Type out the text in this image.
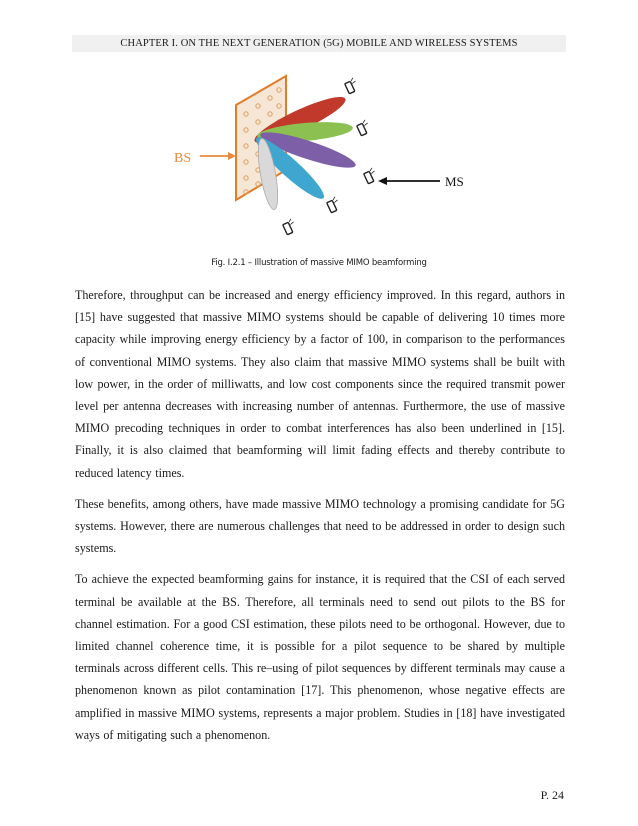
CHAPTER I. ON THE NEXT GENERATION (5G) MOBILE AND WIRELESS SYSTEMS
BS
MS
Fig. I.2.1 – Illustration of massive MIMO beamforming

Therefore, throughput can be increased and energy efficiency improved. In this regard, authors in [15] have suggested that massive MIMO systems should be capable of delivering 10 times more capacity while improving energy efficiency by a factor of 100, in comparison to the performances of conventional MIMO systems. They also claim that massive MIMO systems shall be built with low power, in the order of milliwatts, and low cost components since the required transmit power level per antenna decreases with increasing number of antennas. Furthermore, the use of massive MIMO precoding techniques in order to combat interferences has also been underlined in [15]. Finally, it is also claimed that beamforming will limit fading effects and thereby contribute to reduced latency times.

These benefits, among others, have made massive MIMO technology a promising candidate for 5G systems. However, there are numerous challenges that need to be addressed in order to design such systems.

To achieve the expected beamforming gains for instance, it is required that the CSI of each served terminal be available at the BS. Therefore, all terminals need to send out pilots to the BS for channel estimation. For a good CSI estimation, these pilots need to be orthogonal. However, due to limited channel coherence time, it is possible for a pilot sequence to be shared by multiple terminals across different cells. This re–using of pilot sequences by different terminals may cause a phenomenon known as pilot contamination [17]. This phenomenon, whose negative effects are amplified in massive MIMO systems, represents a major problem. Studies in [18] have investigated ways of mitigating such a phenomenon.

P. 24
